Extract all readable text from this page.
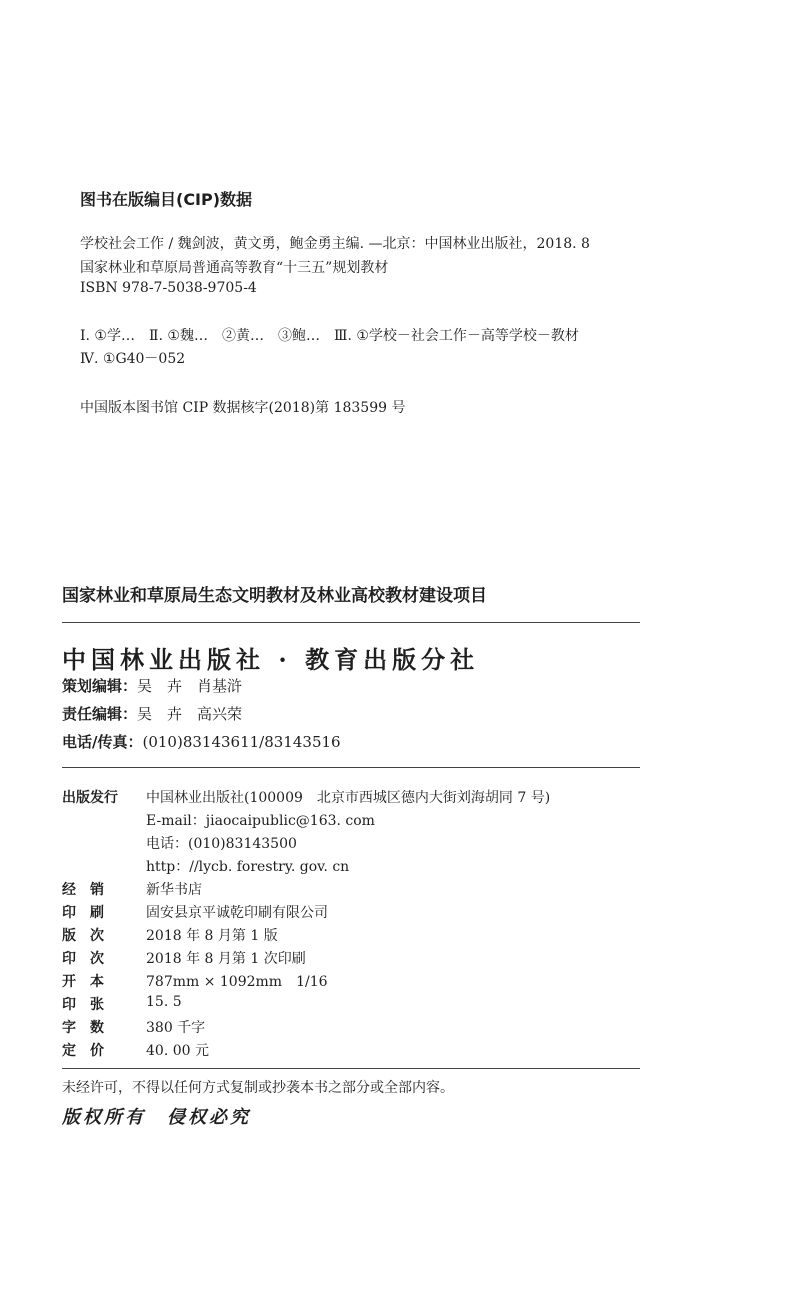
图书在版编目(CIP)数据
学校社会工作 / 魏剑波，黄文勇，鲍金勇主编. —北京：中国林业出版社，2018. 8
国家林业和草原局普通高等教育“十三五”规划教材
ISBN 978-7-5038-9705-4
Ⅰ. ①学…　Ⅱ. ①魏…　②黄…　③鲍…　Ⅲ. ①学校－社会工作－高等学校－教材
Ⅳ. ①G40－052
中国版本图书馆 CIP 数据核字(2018)第 183599 号
国家林业和草原局生态文明教材及林业高校教材建设项目
中国林业出版社 · 教育出版分社
策划编辑：吴　卉　肖基浒
责任编辑：吴　卉　高兴荣
电话/传真：(010)83143611/83143516
出版发行	中国林业出版社(100009　北京市西城区德内大街刘海胡同 7 号)
E-mail：jiaocaipublic@163. com
电话：(010)83143500
http：//lycb. forestry. gov. cn
经　销	新华书店
印　刷	固安县京平诚乾印刷有限公司
版　次	2018 年 8 月第 1 版
印　次	2018 年 8 月第 1 次印刷
开　本	787mm × 1092mm　1/16
印　张	15. 5
字　数	380 千字
定　价	40. 00 元
未经许可，不得以任何方式复制或抄袭本书之部分或全部内容。
版权所有　侵权必究
